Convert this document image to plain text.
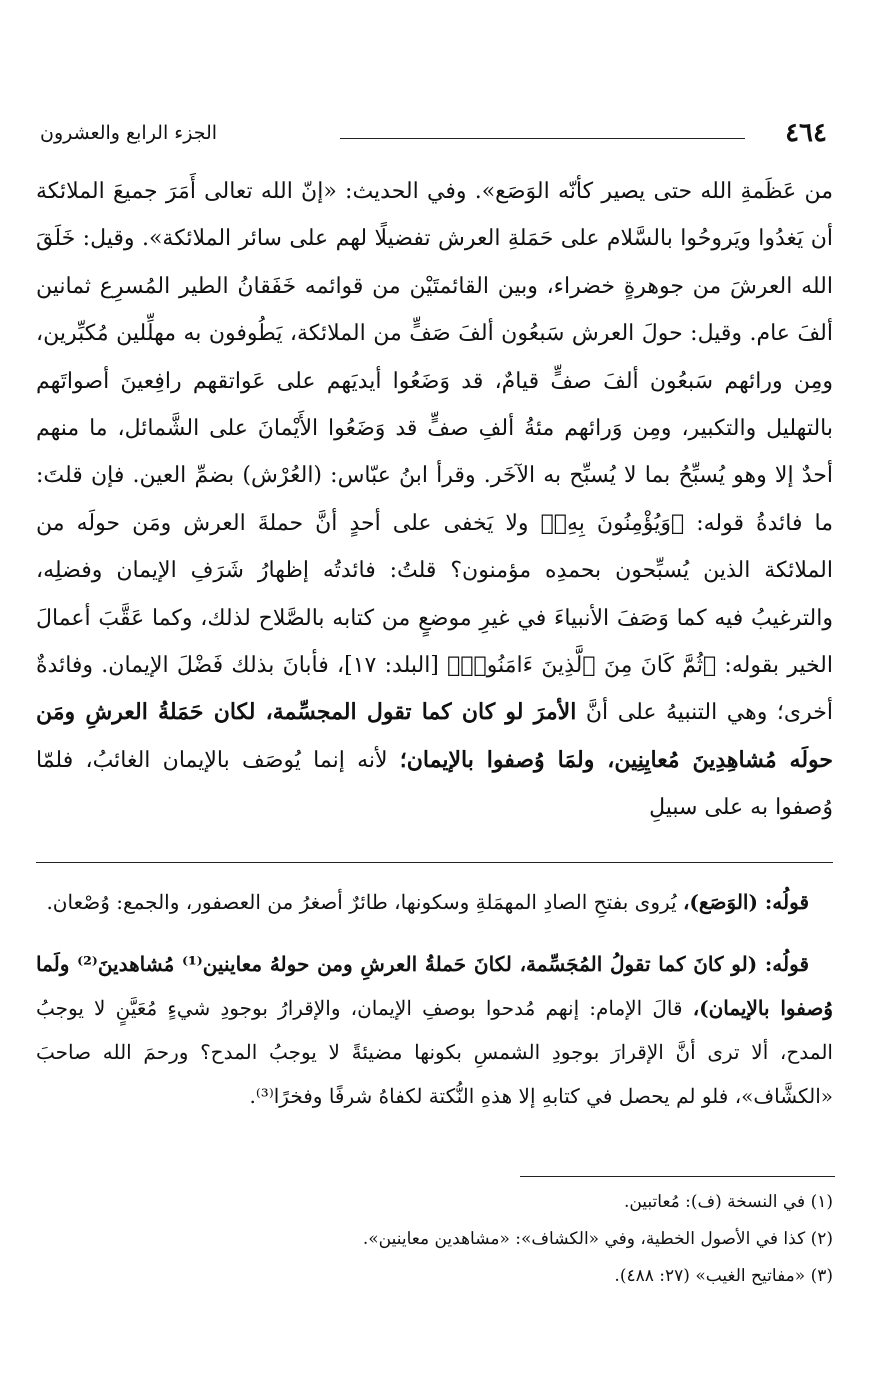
٤٦٤
الجزء الرابع والعشرون

من عَظَمةِ الله حتى يصير كأنّه الوَصَع». وفي الحديث: «إنّ الله تعالى أَمَرَ جميعَ الملائكة أن يَغدُوا ويَروحُوا بالسَّلام على حَمَلةِ العرش تفضيلًا لهم على سائر الملائكة». وقيل: خَلَقَ الله العرشَ من جوهرةٍ خضراء، وبين القائمتَيْن من قوائمه خَفَقانُ الطير المُسرِع ثمانين ألفَ عام. وقيل: حولَ العرش سَبعُون ألفَ صَفٍّ من الملائكة، يَطُوفون به مهلِّلين مُكبِّرين، ومِن ورائهم سَبعُون ألفَ صفٍّ قيامٌ، قد وَضَعُوا أيديَهم على عَواتقهم رافِعينَ أصواتَهم بالتهليل والتكبير، ومِن وَرائهم مئةُ ألفِ صفٍّ قد وَضَعُوا الأَيْمانَ على الشَّمائل، ما منهم أحدٌ إلا وهو يُسبِّحُ بما لا يُسبِّح به الآخَر. وقرأ ابنُ عبّاس: (العُرْش) بضمِّ العين. فإن قلتَ: ما فائدةُ قوله: ﴿وَيُؤْمِنُونَ بِهِۦ﴾ ولا يَخفى على أحدٍ أنَّ حملةَ العرش ومَن حولَه من الملائكة الذين يُسبِّحون بحمدِه مؤمنون؟ قلتُ: فائدتُه إظهارُ شَرَفِ الإيمان وفضلِه، والترغيبُ فيه كما وَصَفَ الأنبياءَ في غيرِ موضعٍ من كتابه بالصَّلاح لذلك، وكما عَقَّبَ أعمالَ الخير بقوله: ﴿ثُمَّ كَانَ مِنَ ٱلَّذِينَ ءَامَنُوا۟﴾ [البلد: ١٧]، فأبانَ بذلك فَضْلَ الإيمان. وفائدةٌ أخرى؛ وهي التنبيهُ على أنَّ الأمرَ لو كان كما تقول المجسِّمة، لكان حَمَلةُ العرشِ ومَن حولَه مُشاهِدِينَ مُعايِنِين، ولمَا وُصفوا بالإيمان؛ لأنه إنما يُوصَف بالإيمان الغائبُ، فلمّا وُصفوا به على سبيلِ

قولُه: (الوَصَع)، يُروى بفتحِ الصادِ المهمَلةِ وسكونها، طائرٌ أصغرُ من العصفور، والجمع: وُصْعان.

قولُه: (لو كانَ كما تقولُ المُجَسِّمة، لكانَ حَملةُ العرشِ ومن حولهُ معاينين⁽¹⁾ مُشاهدينَ⁽²⁾ ولَما وُصفوا بالإيمان)، قالَ الإمام: إنهم مُدحوا بوصفِ الإيمان، والإقرارُ بوجودِ شيءٍ مُعَيَّنٍ لا يوجبُ المدح، ألا ترى أنَّ الإقرارَ بوجودِ الشمسِ بكونها مضيئةً لا يوجبُ المدح؟ ورحمَ الله صاحبَ «الكشَّاف»، فلو لم يحصل في كتابهِ إلا هذهِ النُّكتة لكفاهُ شرفًا وفخرًا⁽³⁾.

(١) في النسخة (ف): مُعاتبين.

(٢) كذا في الأصول الخطية، وفي «الكشاف»: «مشاهدين معاينين».

(٣) «مفاتيح الغيب» (٢٧: ٤٨٨).
